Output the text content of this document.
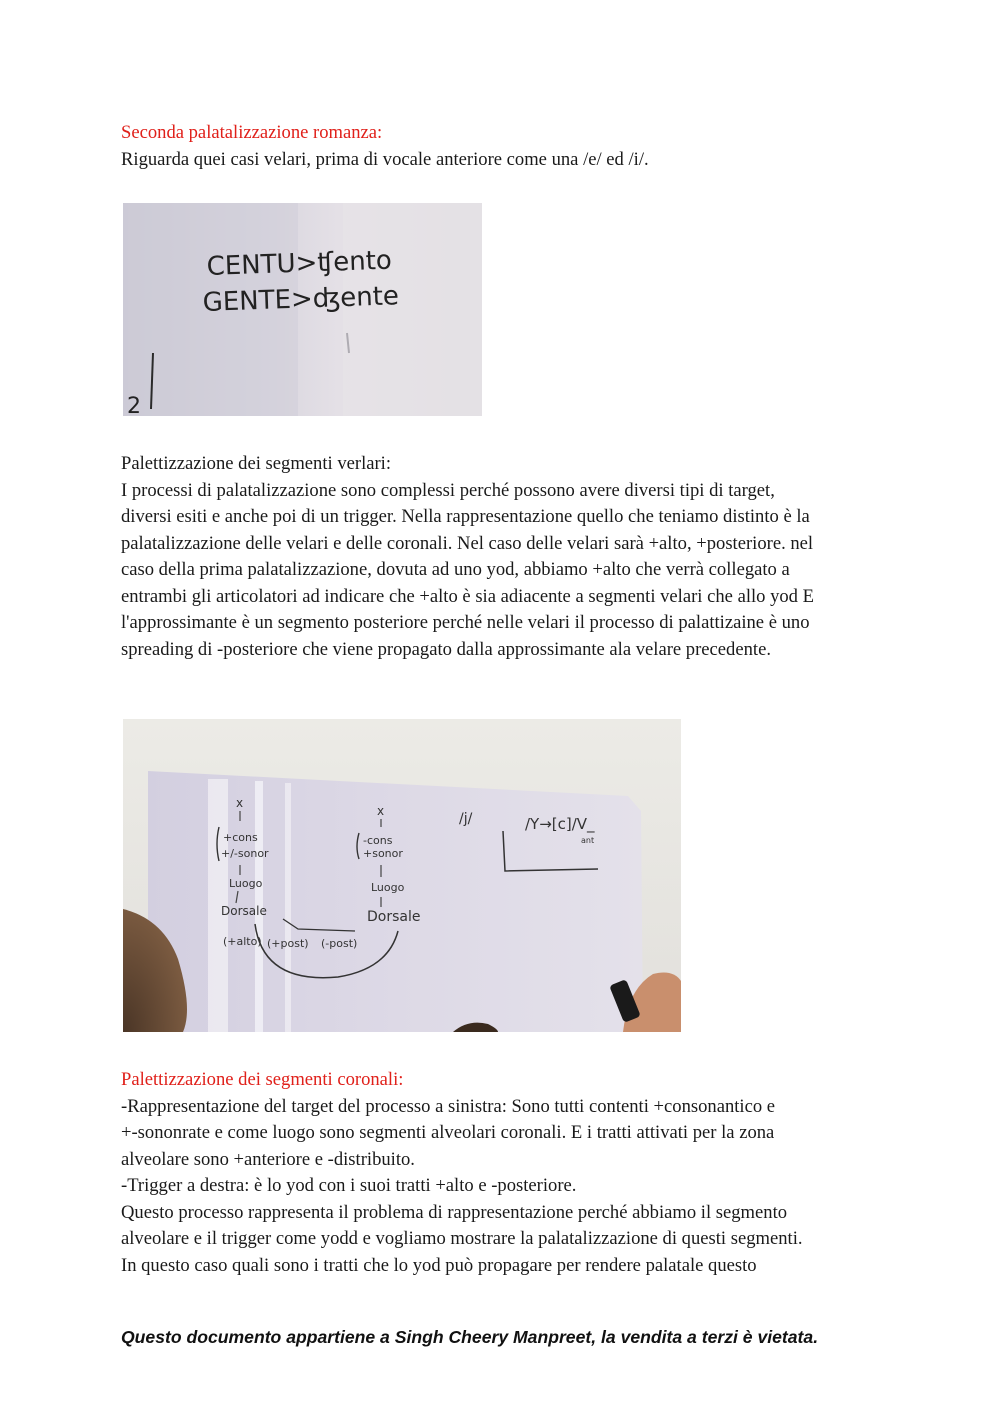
Seconda palatalizzazione romanza:

Riguarda quei casi velari, prima di vocale anteriore come una /e/ ed /i/.

CENTU>ʧento
GENTE>ʤente
2

Palettizzazione dei segmenti verlari:

I processi di palatalizzazione sono complessi perché possono avere diversi tipi di target,

diversi esiti e anche poi di un trigger. Nella rappresentazione quello che teniamo distinto è la

palatalizzazione delle velari e delle coronali. Nel caso delle velari sarà +alto, +posteriore. nel

caso della prima palatalizzazione, dovuta ad uno yod, abbiamo +alto che verrà collegato a

entrambi gli articolatori ad indicare che +alto è sia adiacente a segmenti velari che allo yod E

l'approssimante è un segmento posteriore perché nelle velari il processo di palattizaine è uno

spreading di -posteriore che viene propagato dalla approssimante ala velare precedente.

x
+cons
+/-sonor
Luogo
Dorsale
(+alto) (+post) (-post)
x
-cons
+sonor
Luogo
Dorsale
/j/	/Y→[c]/V_
ant

Palettizzazione dei segmenti coronali:

-Rappresentazione del target del processo a sinistra: Sono tutti contenti +consonantico e

+-sononrate e come luogo sono segmenti alveolari coronali. E i tratti attivati per la zona

alveolare sono +anteriore e -distribuito.

-Trigger a destra: è lo yod con i suoi tratti +alto e -posteriore.

Questo processo rappresenta il problema di rappresentazione perché abbiamo il segmento

alveolare e il trigger come yodd e vogliamo mostrare la palatalizzazione di questi segmenti.

In questo caso quali sono i tratti che lo yod può propagare per rendere palatale questo

Questo documento appartiene a Singh Cheery Manpreet, la vendita a terzi è vietata.
